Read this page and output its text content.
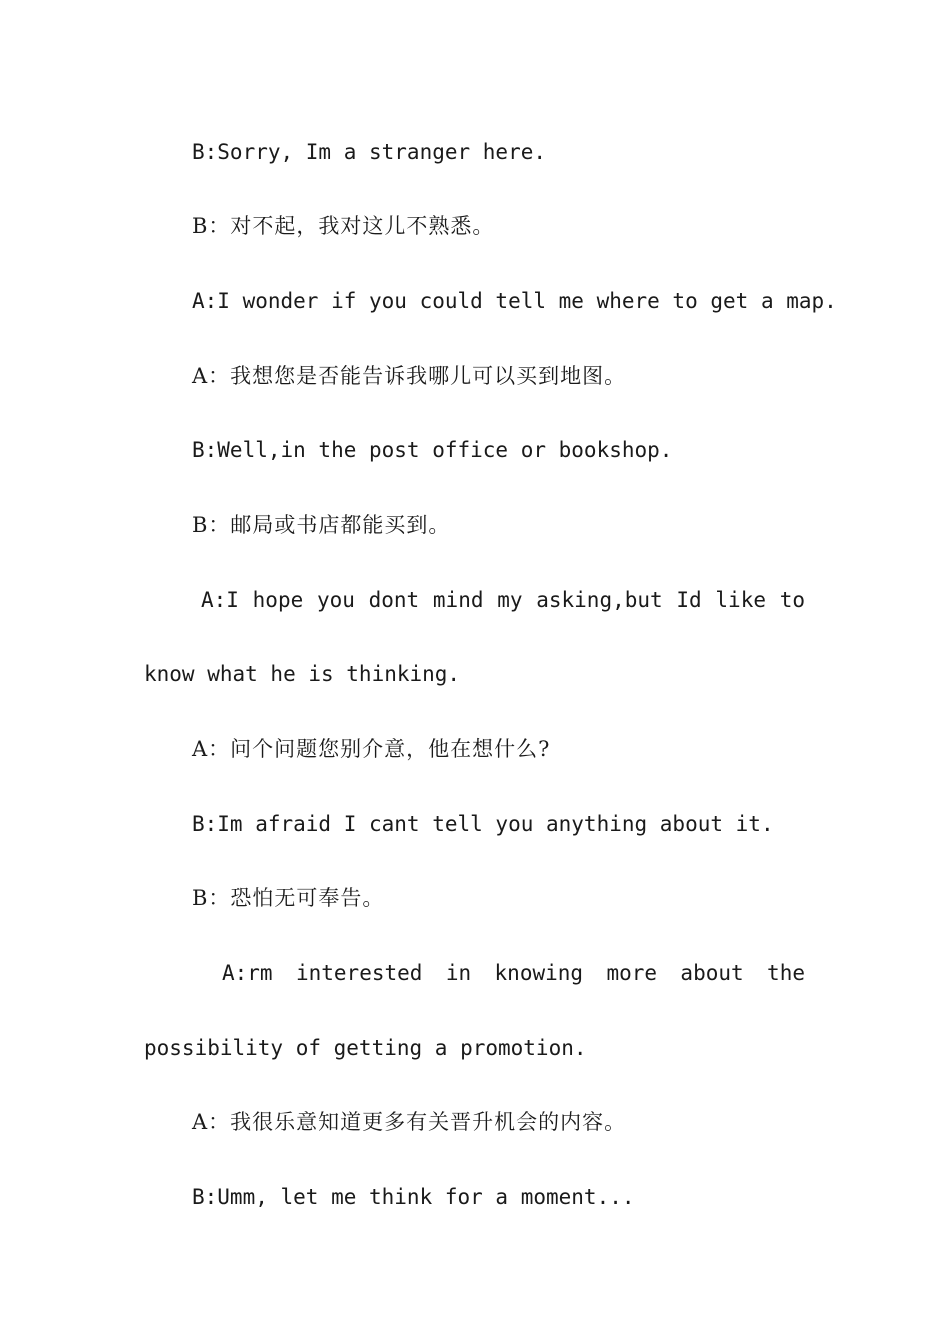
B:Sorry, Im a stranger here.
B：对不起，我对这儿不熟悉。
A:I wonder if you could tell me where to get a map.
A：我想您是否能告诉我哪儿可以买到地图。
B:Well,in the post office or bookshop.
B：邮局或书店都能买到。
A:I hope you dont mind my asking,but Id like to
know what he is thinking.
A：问个问题您别介意，他在想什么?
B:Im afraid I cant tell you anything about it.
B：恐怕无可奉告。
A:rm interested in knowing more about the
possibility of getting a promotion.
A：我很乐意知道更多有关晋升机会的内容。
B:Umm, let me think for a moment...
